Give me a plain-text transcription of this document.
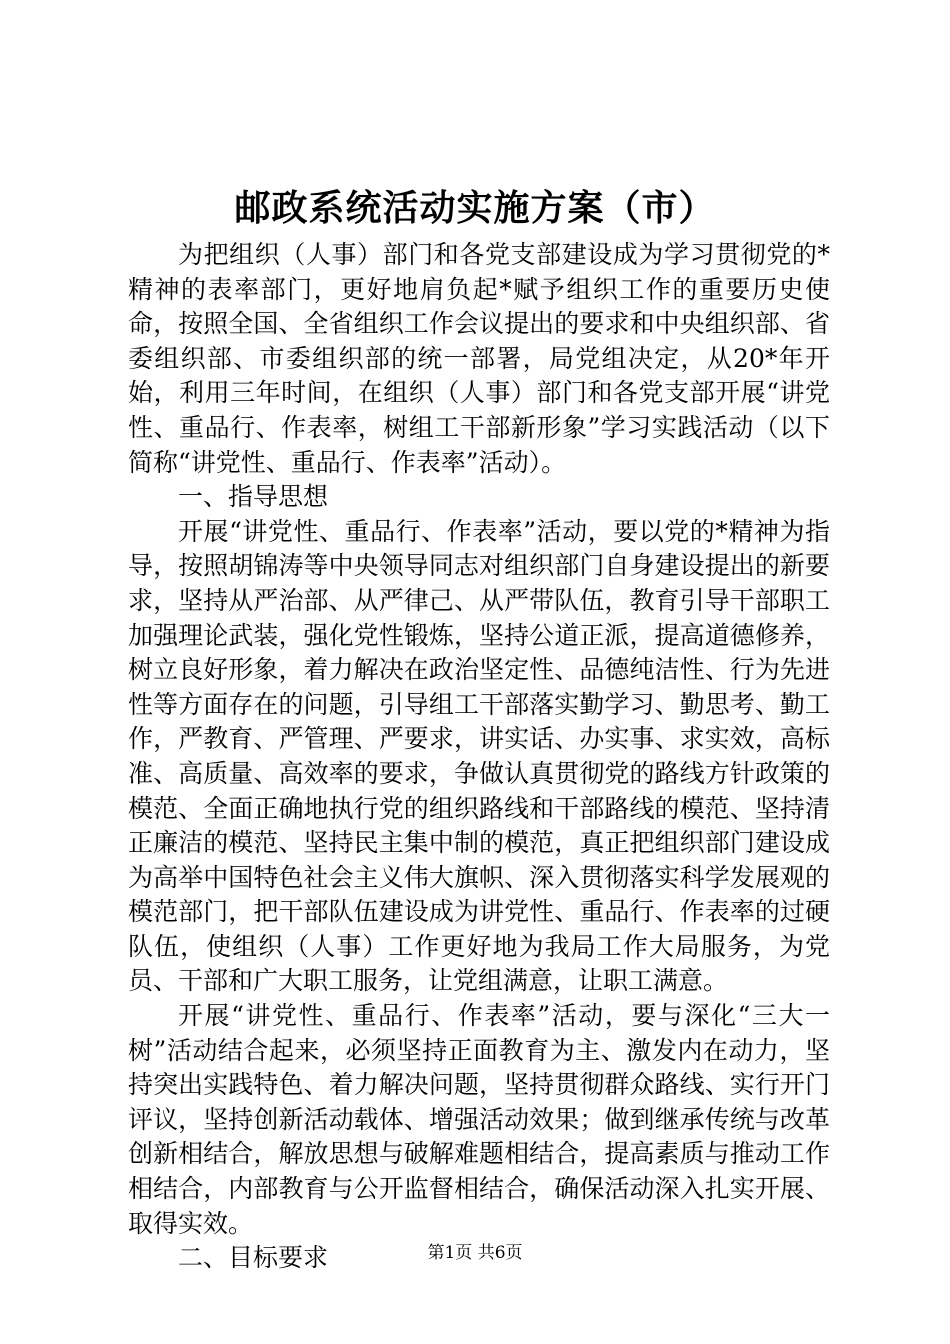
邮政系统活动实施方案（市）

为把组织（人事）部门和各党支部建设成为学习贯彻党的*精神的表率部门，更好地肩负起*赋予组织工作的重要历史使命，按照全国、全省组织工作会议提出的要求和中央组织部、省委组织部、市委组织部的统一部署，局党组决定，从20*年开始，利用三年时间，在组织（人事）部门和各党支部开展“讲党性、重品行、作表率，树组工干部新形象”学习实践活动（以下简称“讲党性、重品行、作表率”活动）。

一、指导思想

开展“讲党性、重品行、作表率”活动，要以党的*精神为指导，按照胡锦涛等中央领导同志对组织部门自身建设提出的新要求，坚持从严治部、从严律己、从严带队伍，教育引导干部职工加强理论武装，强化党性锻炼，坚持公道正派，提高道德修养，树立良好形象，着力解决在政治坚定性、品德纯洁性、行为先进性等方面存在的问题，引导组工干部落实勤学习、勤思考、勤工作，严教育、严管理、严要求，讲实话、办实事、求实效，高标准、高质量、高效率的要求，争做认真贯彻党的路线方针政策的模范、全面正确地执行党的组织路线和干部路线的模范、坚持清正廉洁的模范、坚持民主集中制的模范，真正把组织部门建设成为高举中国特色社会主义伟大旗帜、深入贯彻落实科学发展观的模范部门，把干部队伍建设成为讲党性、重品行、作表率的过硬队伍，使组织（人事）工作更好地为我局工作大局服务，为党员、干部和广大职工服务，让党组满意，让职工满意。

开展“讲党性、重品行、作表率”活动，要与深化“三大一树”活动结合起来，必须坚持正面教育为主、激发内在动力，坚持突出实践特色、着力解决问题，坚持贯彻群众路线、实行开门评议，坚持创新活动载体、增强活动效果；做到继承传统与改革创新相结合，解放思想与破解难题相结合，提高素质与推动工作相结合，内部教育与公开监督相结合，确保活动深入扎实开展、取得实效。

二、目标要求	第1页 共6页
